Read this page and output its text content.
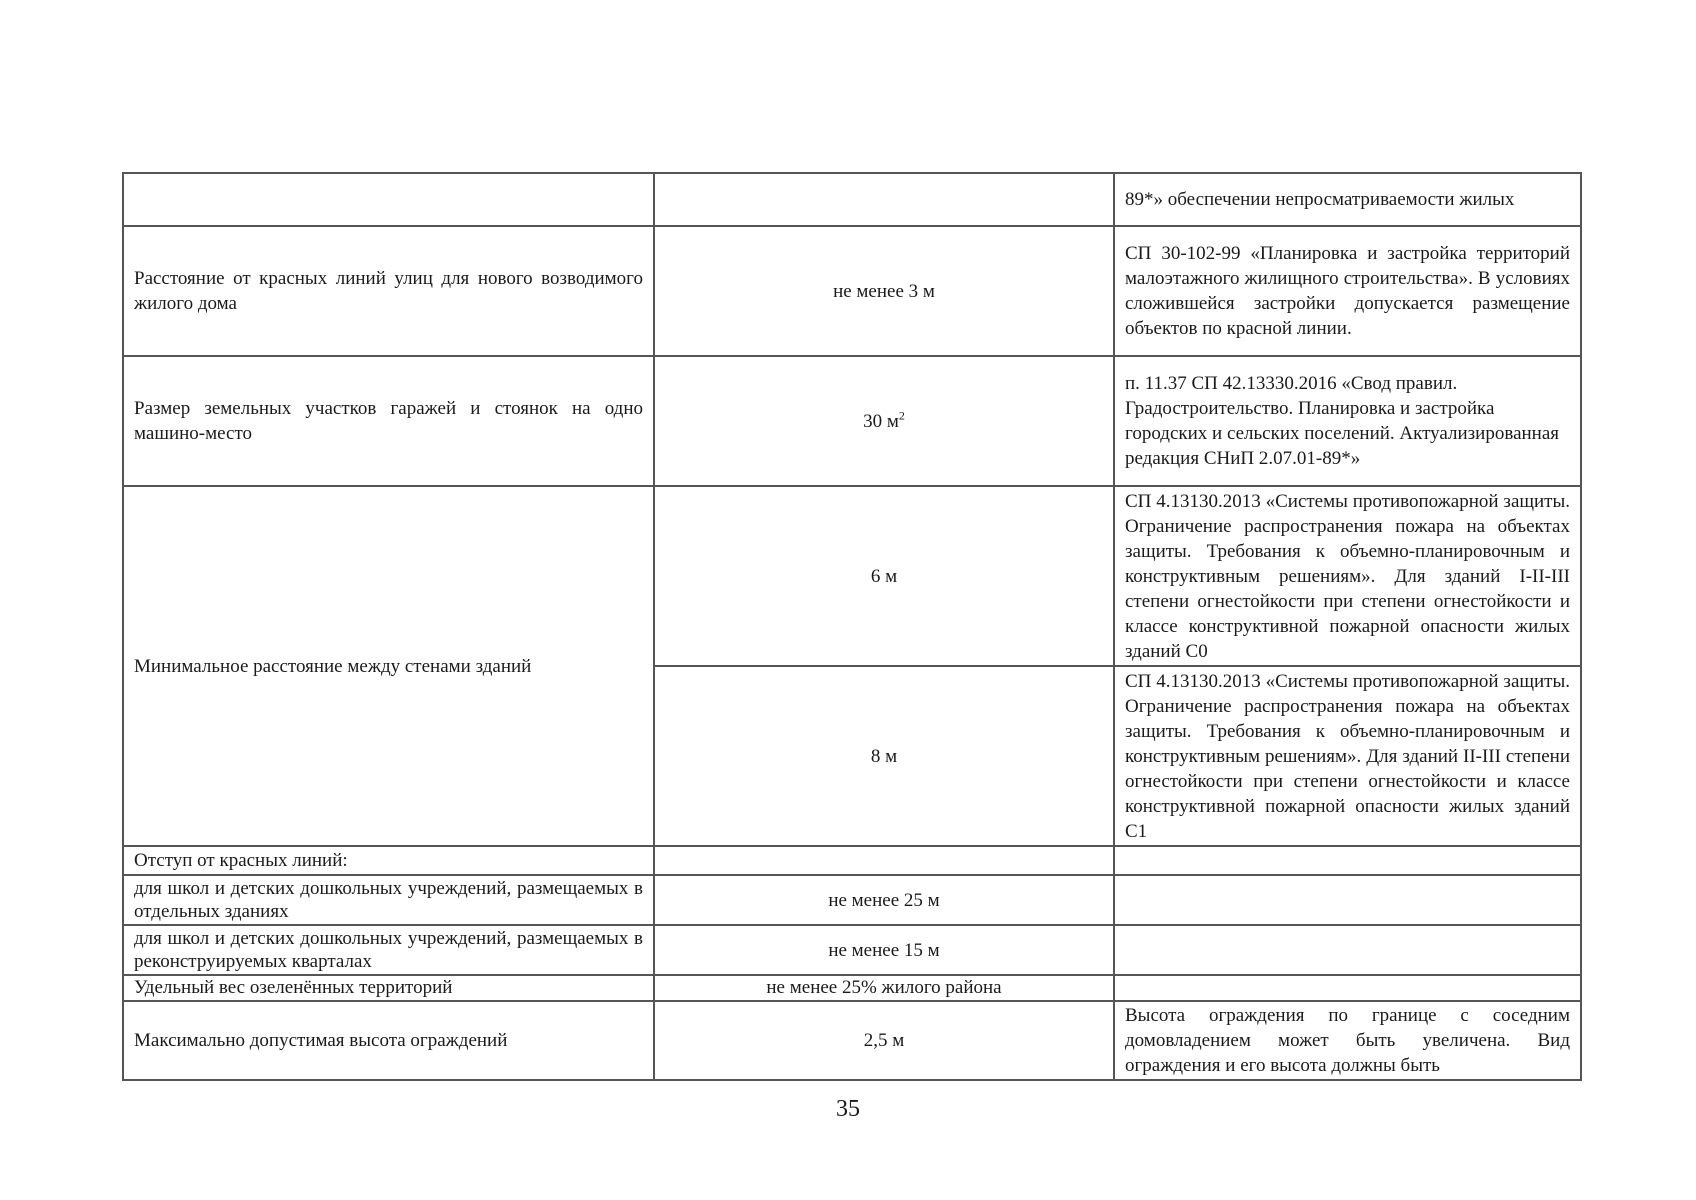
		89*» обеспечении непросматриваемости жилых
Расстояние от красных линий улиц для нового возводимого жилого дома	не менее 3 м	СП 30-102-99 «Планировка и застройка территорий малоэтажного жилищного строительства». В условиях сложившейся застройки допускается размещение объектов по красной линии.
Размер земельных участков гаражей и стоянок на одно машино-место	30 $м^2$	п. 11.37 СП 42.13330.2016 «Свод правил. Градостроительство. Планировка и застройка городских и сельских поселений. Актуализированная редакция СНиП 2.07.01-89*»
Минимальное расстояние между стенами зданий	6 м	СП 4.13130.2013 «Системы противопожарной защиты. Ограничение распространения пожара на объектах защиты. Требования к объемно-планировочным и конструктивным решениям». Для зданий I-II-III степени огнестойкости при степени огнестойкости и классе конструктивной пожарной опасности жилых зданий С0
	8 м	СП 4.13130.2013 «Системы противопожарной защиты. Ограничение распространения пожара на объектах защиты. Требования к объемно-планировочным и конструктивным решениям». Для зданий II-III степени огнестойкости при степени огнестойкости и классе конструктивной пожарной опасности жилых зданий С1
Отступ от красных линий:		
для школ и детских дошкольных учреждений, размещаемых в отдельных зданиях	не менее 25 м	
для школ и детских дошкольных учреждений, размещаемых в реконструируемых кварталах	не менее 15 м	
Удельный вес озеленённых территорий	не менее 25% жилого района	
Максимально допустимая высота ограждений	2,5 м	Высота ограждения по границе с соседним домовладением может быть увеличена. Вид ограждения и его высота должны быть
35
